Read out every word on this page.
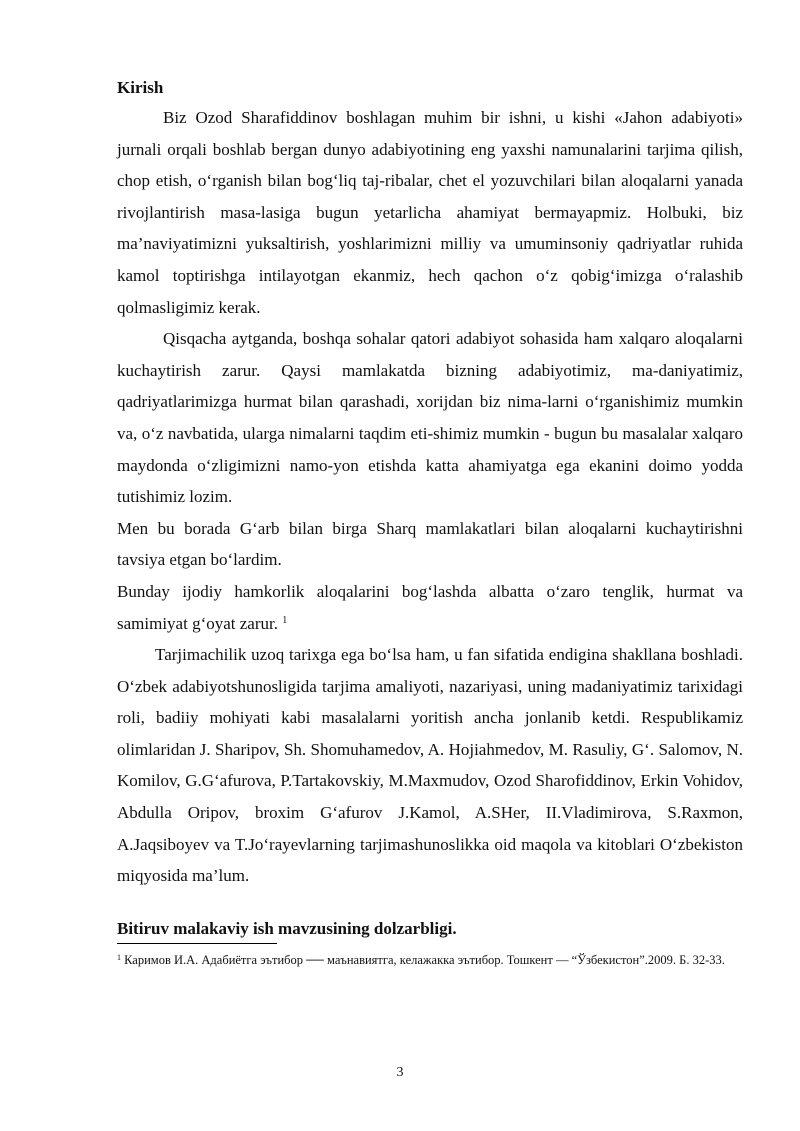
Kirish

Biz Ozod Sharafiddinov boshlagan muhim bir ishni, u kishi «Jahon adabiyoti» jurnali orqali boshlab bergan dunyo adabiyotining eng yaxshi namunalarini tarjima qilish, chop etish, o‘rganish bilan bog‘liq taj-ribalar, chet el yozuvchilari bilan aloqalarni yanada rivojlantirish masa-lasiga bugun yetarlicha ahamiyat bermayapmiz. Holbuki, biz ma’naviyatimizni yuksaltirish, yoshlarimizni milliy va umuminsoniy qadriyatlar ruhida kamol toptirishga intilayotgan ekanmiz, hech qachon o‘z qobig‘imizga o‘ralashib qolmasligimiz kerak.

Qisqacha aytganda, boshqa sohalar qatori adabiyot sohasida ham xalqaro aloqalarni kuchaytirish zarur. Qaysi mamlakatda bizning adabiyotimiz, ma-daniyatimiz, qadriyatlarimizga hurmat bilan qarashadi, xorijdan biz nima-larni o‘rganishimiz mumkin va, o‘z navbatida, ularga nimalarni taqdim eti-shimiz mumkin - bugun bu masalalar xalqaro maydonda o‘zligimizni namo-yon etishda katta ahamiyatga ega ekanini doimo yodda tutishimiz lozim.

Men bu borada G‘arb bilan birga Sharq mamlakatlari bilan aloqalarni kuchaytirishni tavsiya etgan bo‘lardim.

Bunday ijodiy hamkorlik aloqalarini bog‘lashda albatta o‘zaro tenglik, hurmat va samimiyat g‘oyat zarur. $^1$

Tarjimachilik uzoq tarixga ega bo‘lsa ham, u fan sifatida endigina shakllana boshladi. O‘zbek adabiyotshunosligida tarjima amaliyoti, nazariyasi, uning madaniyatimiz tarixidagi roli, badiiy mohiyati kabi masalalarni yoritish ancha jonlanib ketdi. Respublikamiz olimlaridan J. Sharipov, Sh. Shomuhamedov, A. Hojiahmedov, M. Rasuliy, G‘. Salomov, N. Komilov, G.G‘afurova, P.Tartakovskiy, M.Maxmudov, Ozod Sharofiddinov, Erkin Vohidov, Abdulla Oripov, broxim G‘afurov J.Kamol, A.SHer, II.Vladimirova, S.Raxmon, A.Jaqsiboyev va T.Jo‘rayevlarning tarjimashunoslikka oid maqola va kitoblari O‘zbekiston miqyosida ma’lum.

Bitiruv malakaviy ish mavzusining dolzarbligi.
$^1$ Каримов И.А. Адабиётга эътибор ── маънавиятга, келажакка эътибор. Тошкент — “Ўзбекистон”.2009. Б. 32-33.
3
